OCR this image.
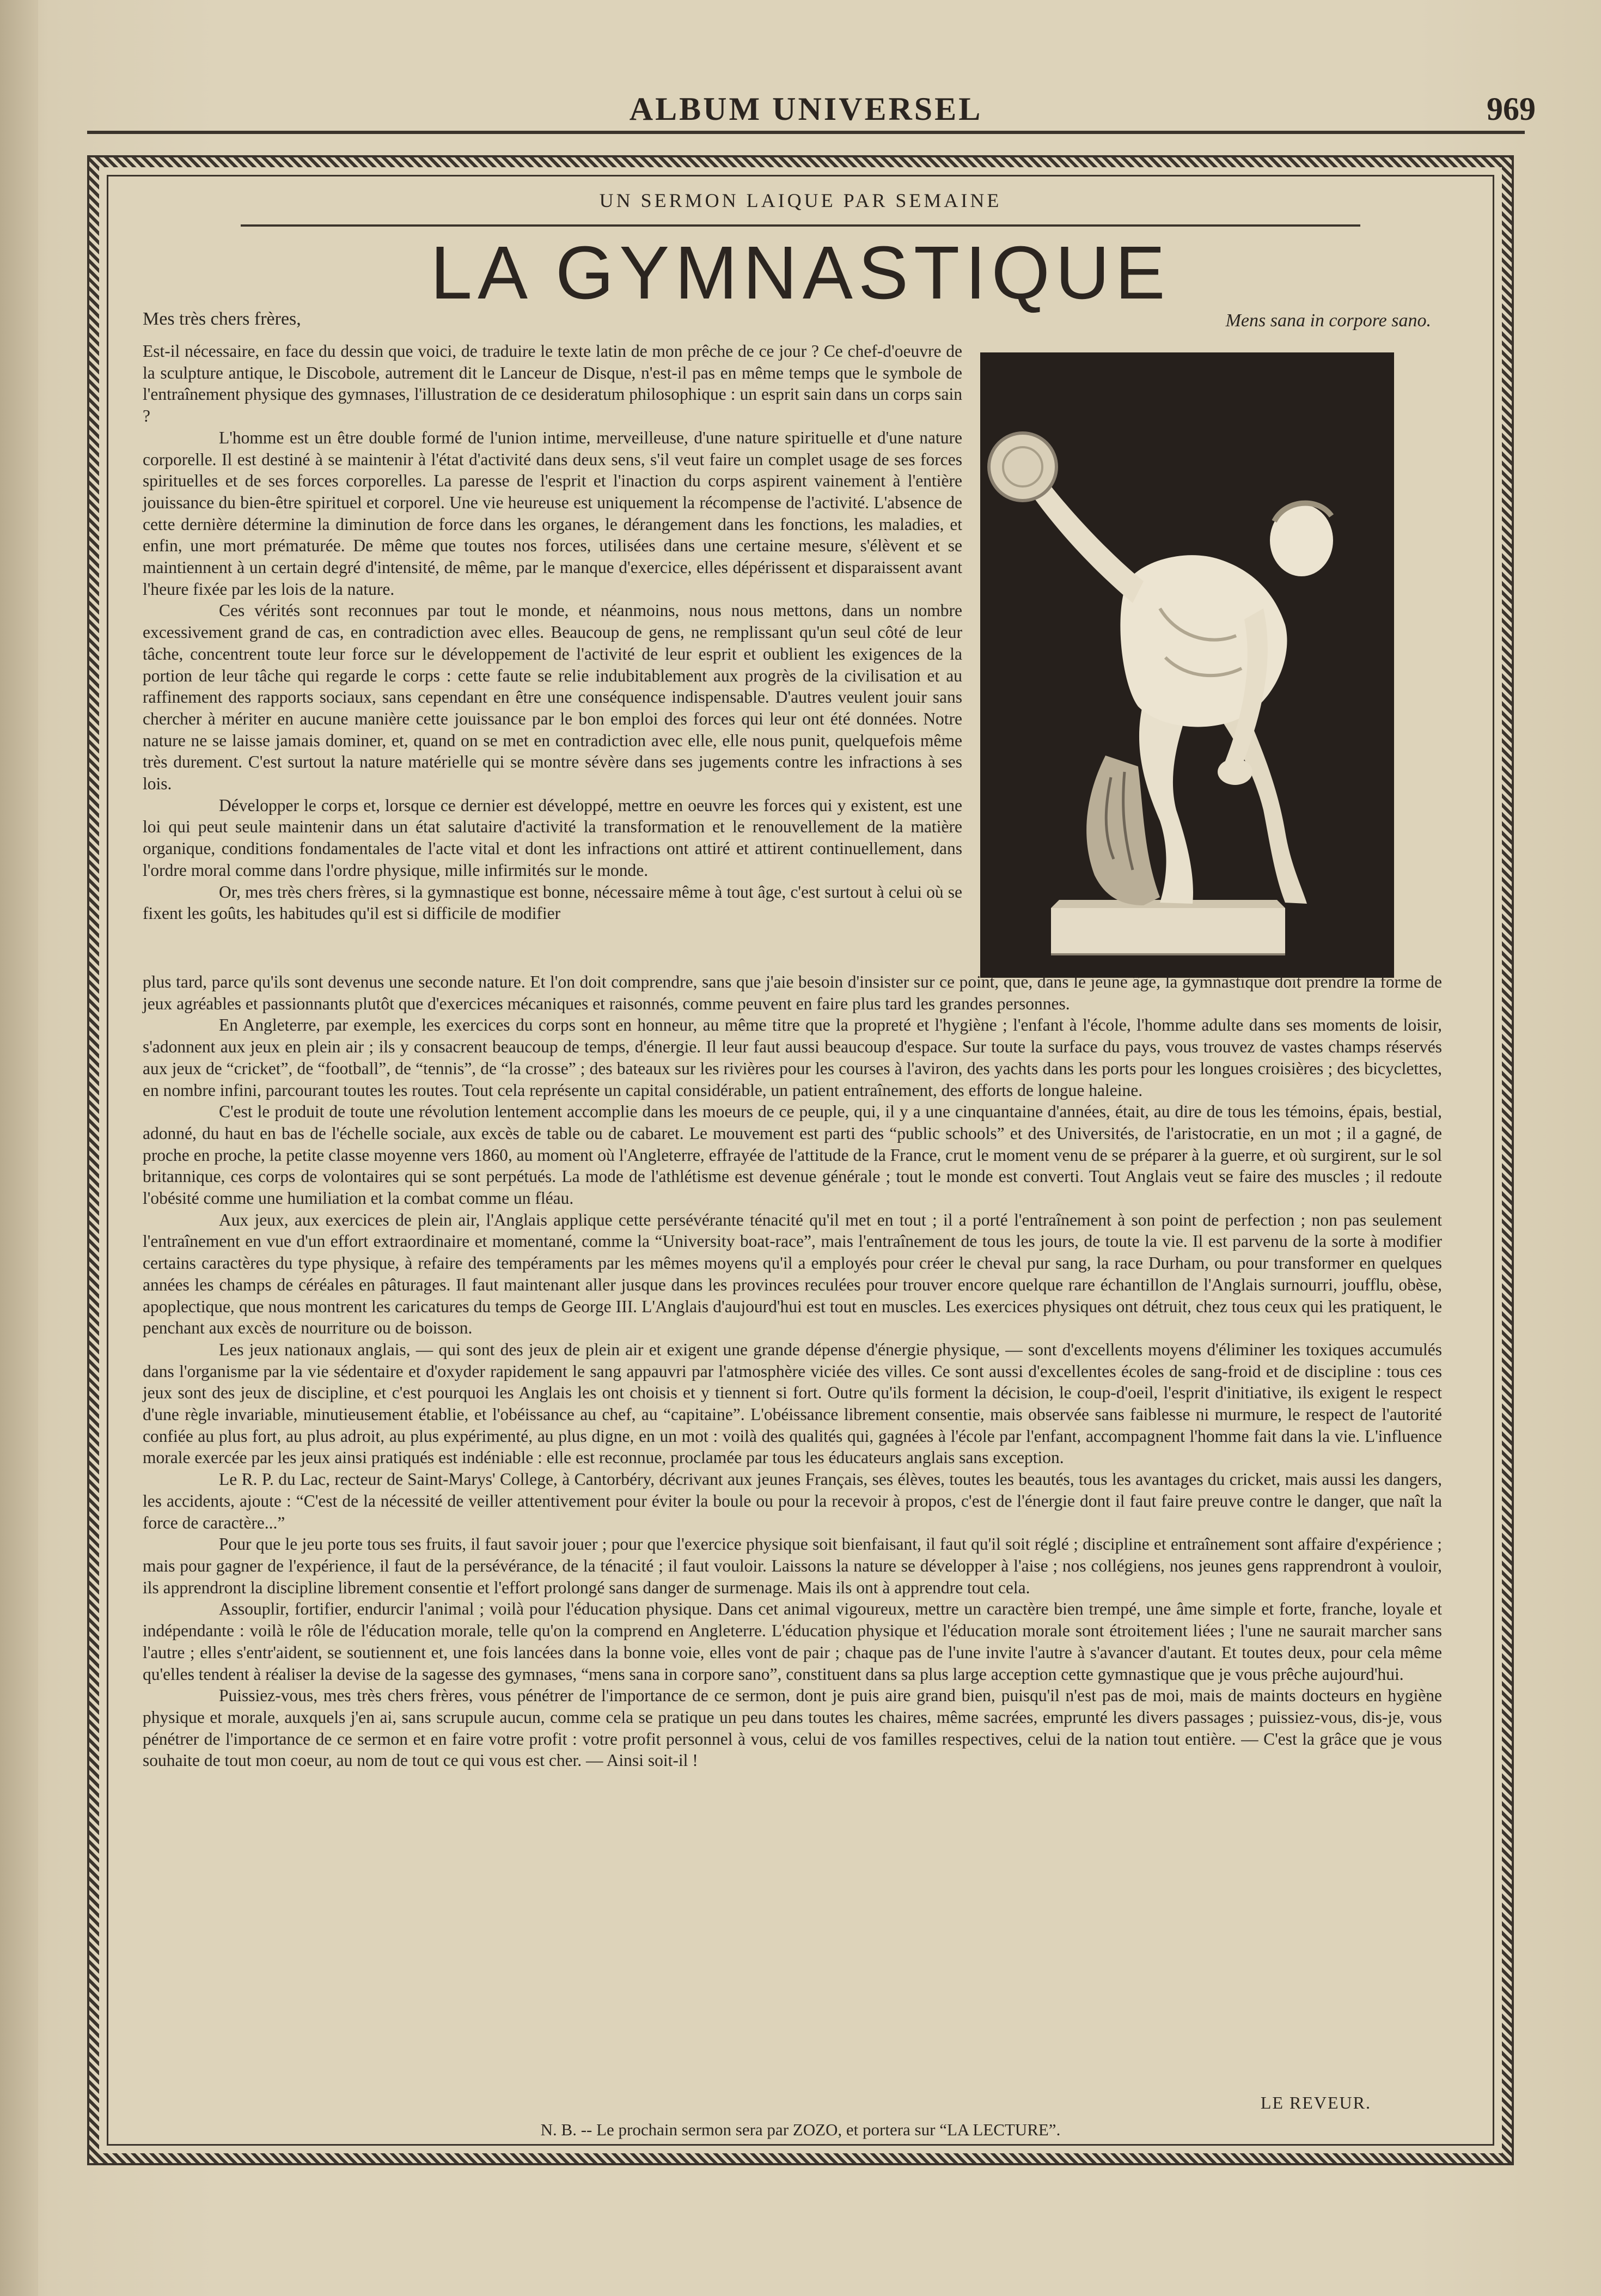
ALBUM UNIVERSEL	969
UN SERMON LAIQUE PAR SEMAINE
LA GYMNASTIQUE
Mes très chers frères,	Mens sana in corpore sano.

Est-il nécessaire, en face du dessin que voici, de traduire le texte latin de mon prêche de ce jour ? Ce chef-d'oeuvre de la sculpture antique, le Discobole, autrement dit le Lanceur de Disque, n'est-il pas en même temps que le symbole de l'entraînement physique des gymnases, l'illustration de ce desideratum philosophique : un esprit sain dans un corps sain ?

L'homme est un être double formé de l'union intime, merveilleuse, d'une nature spirituelle et d'une nature corporelle. Il est destiné à se maintenir à l'état d'activité dans deux sens, s'il veut faire un complet usage de ses forces spirituelles et de ses forces corporelles. La paresse de l'esprit et l'inaction du corps aspirent vainement à l'entière jouissance du bien-être spirituel et corporel. Une vie heureuse est uniquement la récompense de l'activité. L'absence de cette dernière détermine la diminution de force dans les organes, le dérangement dans les fonctions, les maladies, et enfin, une mort prématurée. De même que toutes nos forces, utilisées dans une certaine mesure, s'élèvent et se maintiennent à un certain degré d'intensité, de même, par le manque d'exercice, elles dépérissent et disparaissent avant l'heure fixée par les lois de la nature.

Ces vérités sont reconnues par tout le monde, et néanmoins, nous nous mettons, dans un nombre excessivement grand de cas, en contradiction avec elles. Beaucoup de gens, ne remplissant qu'un seul côté de leur tâche, concentrent toute leur force sur le développement de l'activité de leur esprit et oublient les exigences de la portion de leur tâche qui regarde le corps : cette faute se relie indubitablement aux progrès de la civilisation et au raffinement des rapports sociaux, sans cependant en être une conséquence indispensable. D'autres veulent jouir sans chercher à mériter en aucune manière cette jouissance par le bon emploi des forces qui leur ont été données. Notre nature ne se laisse jamais dominer, et, quand on se met en contradiction avec elle, elle nous punit, quelquefois même très durement. C'est surtout la nature matérielle qui se montre sévère dans ses jugements contre les infractions à ses lois.

Développer le corps et, lorsque ce dernier est développé, mettre en oeuvre les forces qui y existent, est une loi qui peut seule maintenir dans un état salutaire d'activité la transformation et le renouvellement de la matière organique, conditions fondamentales de l'acte vital et dont les infractions ont attiré et attirent continuellement, dans l'ordre moral comme dans l'ordre physique, mille infirmités sur le monde.

Or, mes très chers frères, si la gymnastique est bonne, nécessaire même à tout âge, c'est surtout à celui où se fixent les goûts, les habitudes qu'il est si difficile de modifier

plus tard, parce qu'ils sont devenus une seconde nature. Et l'on doit comprendre, sans que j'aie besoin d'insister sur ce point, que, dans le jeune âge, la gymnastique doit prendre la forme de jeux agréables et passionnants plutôt que d'exercices mécaniques et raisonnés, comme peuvent en faire plus tard les grandes personnes.

En Angleterre, par exemple, les exercices du corps sont en honneur, au même titre que la propreté et l'hygiène ; l'enfant à l'école, l'homme adulte dans ses moments de loisir, s'adonnent aux jeux en plein air ; ils y consacrent beaucoup de temps, d'énergie. Il leur faut aussi beaucoup d'espace. Sur toute la surface du pays, vous trouvez de vastes champs réservés aux jeux de “cricket”, de “football”, de “tennis”, de “la crosse” ; des bateaux sur les rivières pour les courses à l'aviron, des yachts dans les ports pour les longues croisières ; des bicyclettes, en nombre infini, parcourant toutes les routes. Tout cela représente un capital considérable, un patient entraînement, des efforts de longue haleine.

C'est le produit de toute une révolution lentement accomplie dans les moeurs de ce peuple, qui, il y a une cinquantaine d'années, était, au dire de tous les témoins, épais, bestial, adonné, du haut en bas de l'échelle sociale, aux excès de table ou de cabaret. Le mouvement est parti des “public schools” et des Universités, de l'aristocratie, en un mot ; il a gagné, de proche en proche, la petite classe moyenne vers 1860, au moment où l'Angleterre, effrayée de l'attitude de la France, crut le moment venu de se préparer à la guerre, et où surgirent, sur le sol britannique, ces corps de volontaires qui se sont perpétués. La mode de l'athlétisme est devenue générale ; tout le monde est converti. Tout Anglais veut se faire des muscles ; il redoute l'obésité comme une humiliation et la combat comme un fléau.

Aux jeux, aux exercices de plein air, l'Anglais applique cette persévérante ténacité qu'il met en tout ; il a porté l'entraînement à son point de perfection ; non pas seulement l'entraînement en vue d'un effort extraordinaire et momentané, comme la “University boat-race”, mais l'entraînement de tous les jours, de toute la vie. Il est parvenu de la sorte à modifier certains caractères du type physique, à refaire des tempéraments par les mêmes moyens qu'il a employés pour créer le cheval pur sang, la race Durham, ou pour transformer en quelques années les champs de céréales en pâturages. Il faut maintenant aller jusque dans les provinces reculées pour trouver encore quelque rare échantillon de l'Anglais surnourri, joufflu, obèse, apoplectique, que nous montrent les caricatures du temps de George III. L'Anglais d'aujourd'hui est tout en muscles. Les exercices physiques ont détruit, chez tous ceux qui les pratiquent, le penchant aux excès de nourriture ou de boisson.

Les jeux nationaux anglais, — qui sont des jeux de plein air et exigent une grande dépense d'énergie physique, — sont d'excellents moyens d'éliminer les toxiques accumulés dans l'organisme par la vie sédentaire et d'oxyder rapidement le sang appauvri par l'atmosphère viciée des villes. Ce sont aussi d'excellentes écoles de sang-froid et de discipline : tous ces jeux sont des jeux de discipline, et c'est pourquoi les Anglais les ont choisis et y tiennent si fort. Outre qu'ils forment la décision, le coup-d'oeil, l'esprit d'initiative, ils exigent le respect d'une règle invariable, minutieusement établie, et l'obéissance au chef, au “capitaine”. L'obéissance librement consentie, mais observée sans faiblesse ni murmure, le respect de l'autorité confiée au plus fort, au plus adroit, au plus expérimenté, au plus digne, en un mot : voilà des qualités qui, gagnées à l'école par l'enfant, accompagnent l'homme fait dans la vie. L'influence morale exercée par les jeux ainsi pratiqués est indéniable : elle est reconnue, proclamée par tous les éducateurs anglais sans exception.

Le R. P. du Lac, recteur de Saint-Marys' College, à Cantorbéry, décrivant aux jeunes Français, ses élèves, toutes les beautés, tous les avantages du cricket, mais aussi les dangers, les accidents, ajoute : “C'est de la nécessité de veiller attentivement pour éviter la boule ou pour la recevoir à propos, c'est de l'énergie dont il faut faire preuve contre le danger, que naît la force de caractère...”

Pour que le jeu porte tous ses fruits, il faut savoir jouer ; pour que l'exercice physique soit bienfaisant, il faut qu'il soit réglé ; discipline et entraînement sont affaire d'expérience ; mais pour gagner de l'expérience, il faut de la persévérance, de la ténacité ; il faut vouloir. Laissons la nature se développer à l'aise ; nos collégiens, nos jeunes gens rapprendront à vouloir, ils apprendront la discipline librement consentie et l'effort prolongé sans danger de surmenage. Mais ils ont à apprendre tout cela.

Assouplir, fortifier, endurcir l'animal ; voilà pour l'éducation physique. Dans cet animal vigoureux, mettre un caractère bien trempé, une âme simple et forte, franche, loyale et indépendante : voilà le rôle de l'éducation morale, telle qu'on la comprend en Angleterre. L'éducation physique et l'éducation morale sont étroitement liées ; l'une ne saurait marcher sans l'autre ; elles s'entr'aident, se soutiennent et, une fois lancées dans la bonne voie, elles vont de pair ; chaque pas de l'une invite l'autre à s'avancer d'autant. Et toutes deux, pour cela même qu'elles tendent à réaliser la devise de la sagesse des gymnases, “mens sana in corpore sano”, constituent dans sa plus large acception cette gymnastique que je vous prêche aujourd'hui.

Puissiez-vous, mes très chers frères, vous pénétrer de l'importance de ce sermon, dont je puis aire grand bien, puisqu'il n'est pas de moi, mais de maints docteurs en hygiène physique et morale, auxquels j'en ai, sans scrupule aucun, comme cela se pratique un peu dans toutes les chaires, même sacrées, emprunté les divers passages ; puissiez-vous, dis-je, vous pénétrer de l'importance de ce sermon et en faire votre profit : votre profit personnel à vous, celui de vos familles respectives, celui de la nation tout entière. — C'est la grâce que je vous souhaite de tout mon coeur, au nom de tout ce qui vous est cher. — Ainsi soit-il !

LE REVEUR.
N. B. -- Le prochain sermon sera par ZOZO, et portera sur “LA LECTURE”.
